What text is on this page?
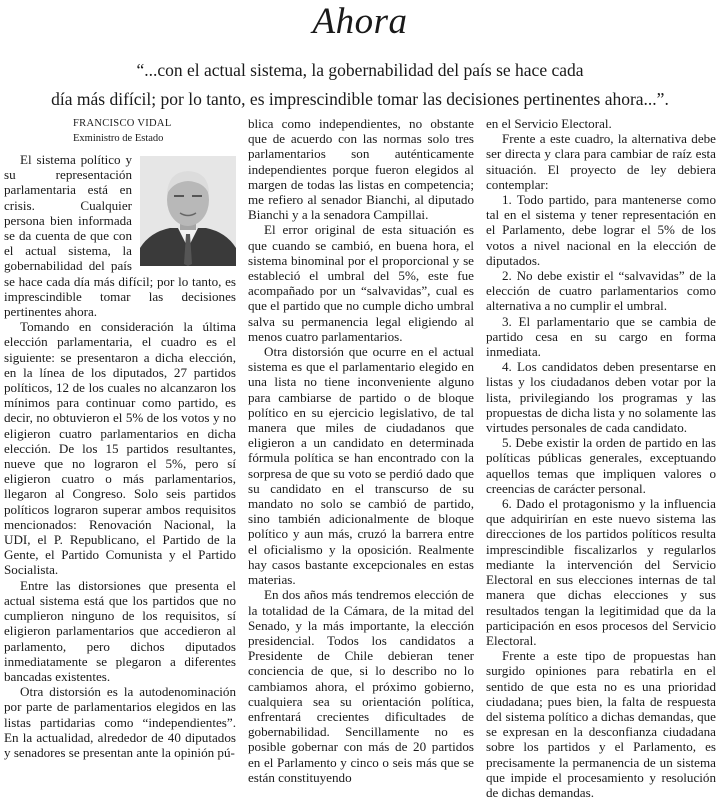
Ahora
“...con el actual sistema, la gobernabilidad del país se hace cada
día más difícil; por lo tanto, es imprescindible tomar las decisiones pertinentes ahora...”.
FRANCISCO VIDAL
Exministro de Estado

El sistema político y su representación parlamentaria está en crisis. Cualquier persona bien informada se da cuenta de que con el actual sistema, la gobernabilidad del país se hace cada día más difícil; por lo tanto, es imprescindible tomar las decisiones pertinentes ahora.

Tomando en consideración la última elección parlamentaria, el cuadro es el siguiente: se presentaron a dicha elección, en la línea de los diputados, 27 partidos políticos, 12 de los cuales no alcanzaron los mínimos para continuar como partido, es decir, no obtuvieron el 5% de los votos y no eligieron cuatro parlamentarios en dicha elección. De los 15 partidos resultantes, nueve que no lograron el 5%, pero sí eligieron cuatro o más parlamentarios, llegaron al Congreso. Solo seis partidos políticos lograron superar ambos requisitos mencionados: Renovación Nacional, la UDI, el P. Republicano, el Partido de la Gente, el Partido Comunista y el Partido Socialista.

Entre las distorsiones que presenta el actual sistema está que los partidos que no cumplieron ninguno de los requisitos, sí eligieron parlamentarios que accedieron al parlamento, pero dichos diputados inmediatamente se plegaron a diferentes bancadas existentes.

Otra distorsión es la autodenominación por parte de parlamentarios elegidos en las listas partidarias como “independientes”. En la actualidad, alrededor de 40 diputados y senadores se presentan ante la opinión pú-

blica como independientes, no obstante que de acuerdo con las normas solo tres parlamentarios son auténticamente independientes porque fueron elegidos al margen de todas las listas en competencia; me refiero al senador Bianchi, al diputado Bianchi y a la senadora Campillai.

El error original de esta situación es que cuando se cambió, en buena hora, el sistema binominal por el proporcional y se estableció el umbral del 5%, este fue acompañado por un “salvavidas”, cual es que el partido que no cumple dicho umbral salva su permanencia legal eligiendo al menos cuatro parlamentarios.

Otra distorsión que ocurre en el actual sistema es que el parlamentario elegido en una lista no tiene inconveniente alguno para cambiarse de partido o de bloque político en su ejercicio legislativo, de tal manera que miles de ciudadanos que eligieron a un candidato en determinada fórmula política se han encontrado con la sorpresa de que su voto se perdió dado que su candidato en el transcurso de su mandato no solo se cambió de partido, sino también adicionalmente de bloque político y aun más, cruzó la barrera entre el oficialismo y la oposición. Realmente hay casos bastante excepcionales en estas materias.

En dos años más tendremos elección de la totalidad de la Cámara, de la mitad del Senado, y la más importante, la elección presidencial. Todos los candidatos a Presidente de Chile debieran tener conciencia de que, si lo describo no lo cambiamos ahora, el próximo gobierno, cualquiera sea su orientación política, enfrentará crecientes dificultades de gobernabilidad. Sencillamente no es posible gobernar con más de 20 partidos en el Parlamento y cinco o seis más que se están constituyendo

en el Servicio Electoral.

Frente a este cuadro, la alternativa debe ser directa y clara para cambiar de raíz esta situación. El proyecto de ley debiera contemplar:

1. Todo partido, para mantenerse como tal en el sistema y tener representación en el Parlamento, debe lograr el 5% de los votos a nivel nacional en la elección de diputados.

2. No debe existir el “salvavidas” de la elección de cuatro parlamentarios como alternativa a no cumplir el umbral.

3. El parlamentario que se cambia de partido cesa en su cargo en forma inmediata.

4. Los candidatos deben presentarse en listas y los ciudadanos deben votar por la lista, privilegiando los programas y las propuestas de dicha lista y no solamente las virtudes personales de cada candidato.

5. Debe existir la orden de partido en las políticas públicas generales, exceptuando aquellos temas que impliquen valores o creencias de carácter personal.

6. Dado el protagonismo y la influencia que adquirirían en este nuevo sistema las direcciones de los partidos políticos resulta imprescindible fiscalizarlos y regularlos mediante la intervención del Servicio Electoral en sus elecciones internas de tal manera que dichas elecciones y sus resultados tengan la legitimidad que da la participación en esos procesos del Servicio Electoral.

Frente a este tipo de propuestas han surgido opiniones para rebatirla en el sentido de que esta no es una prioridad ciudadana; pues bien, la falta de respuesta del sistema político a dichas demandas, que se expresan en la desconfianza ciudadana sobre los partidos y el Parlamento, es precisamente la permanencia de un sistema que impide el procesamiento y resolución de dichas demandas.
